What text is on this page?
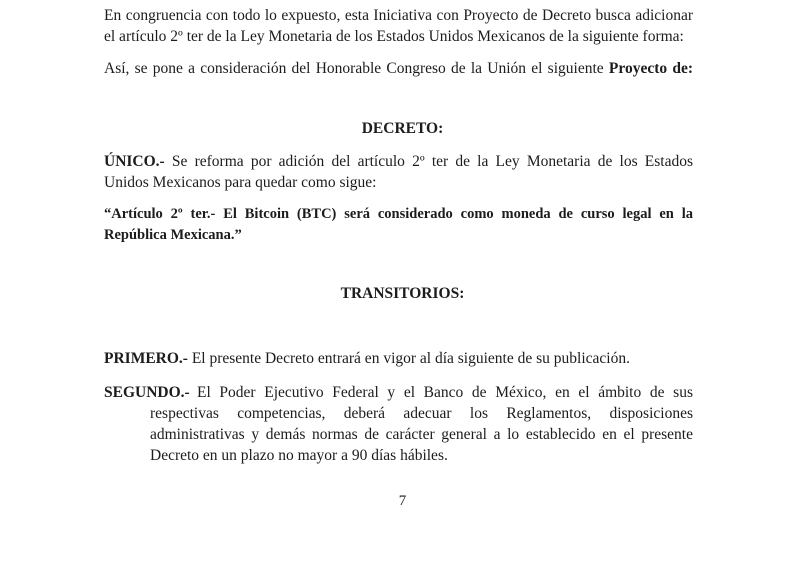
En congruencia con todo lo expuesto, esta Iniciativa con Proyecto de Decreto busca adicionar
el artículo 2º ter de la Ley Monetaria de los Estados Unidos Mexicanos de la siguiente forma:
Así, se pone a consideración del Honorable Congreso de la Unión el siguiente Proyecto de:
DECRETO:
ÚNICO.- Se reforma por adición del artículo 2º ter de la Ley Monetaria de los Estados
Unidos Mexicanos para quedar como sigue:
“Artículo 2º ter.- El Bitcoin (BTC) será considerado como moneda de curso legal en la
República Mexicana.”
TRANSITORIOS:
PRIMERO.- El presente Decreto entrará en vigor al día siguiente de su publicación.
SEGUNDO.- El Poder Ejecutivo Federal y el Banco de México, en el ámbito de sus
respectivas competencias, deberá adecuar los Reglamentos, disposiciones
administrativas y demás normas de carácter general a lo establecido en el presente
Decreto en un plazo no mayor a 90 días hábiles.
7
